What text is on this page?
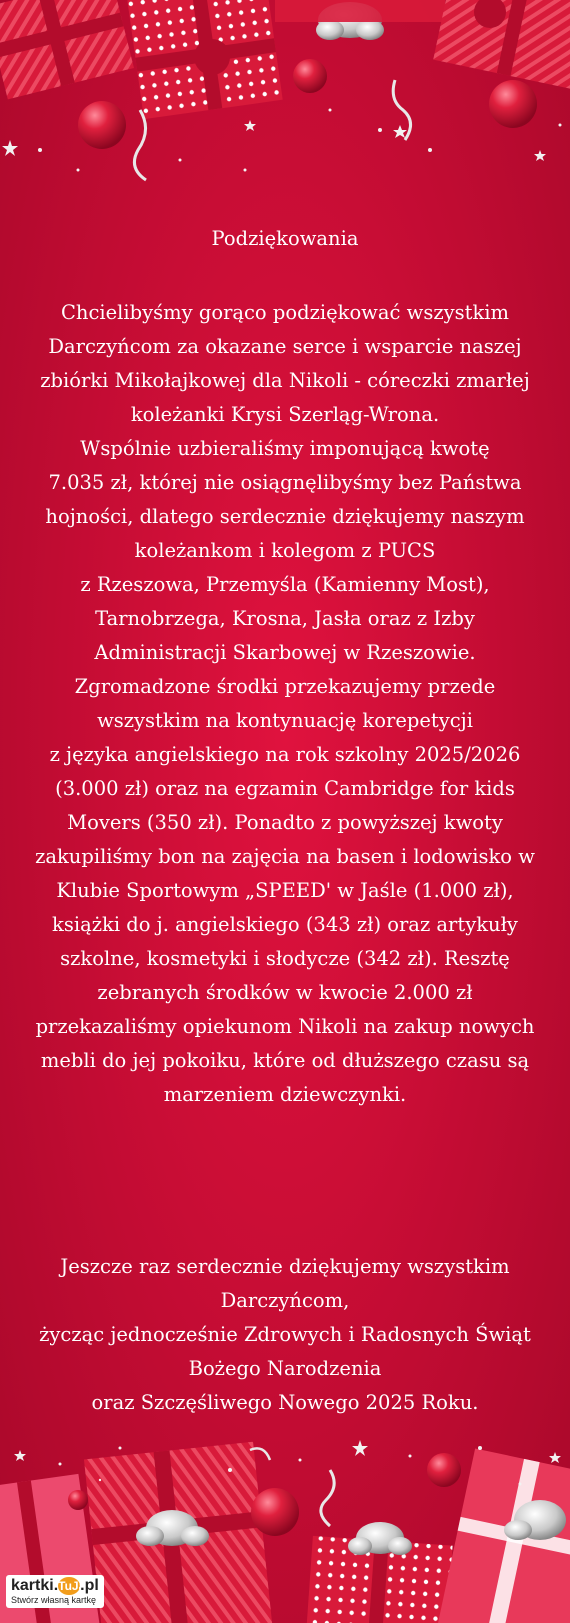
Podziękowania
Chcielibyśmy gorąco podziękować wszystkim
Darczyńcom za okazane serce i wsparcie naszej
zbiórki Mikołajkowej dla Nikoli - córeczki zmarłej
koleżanki Krysi Szerląg-Wrona.
Wspólnie uzbieraliśmy imponującą kwotę
7.035 zł, której nie osiągnęlibyśmy bez Państwa
hojności, dlatego serdecznie dziękujemy naszym
koleżankom i kolegom z PUCS
z Rzeszowa, Przemyśla (Kamienny Most),
Tarnobrzega, Krosna, Jasła oraz z Izby
Administracji Skarbowej w Rzeszowie.
Zgromadzone środki przekazujemy przede
wszystkim na kontynuację korepetycji
z języka angielskiego na rok szkolny 2025/2026
(3.000 zł) oraz na egzamin Cambridge for kids
Movers (350 zł). Ponadto z powyższej kwoty
zakupiliśmy bon na zajęcia na basen i lodowisko w
Klubie Sportowym „SPEED' w Jaśle (1.000 zł),
książki do j. angielskiego (343 zł) oraz artykuły
szkolne, kosmetyki i słodycze (342 zł). Resztę
zebranych środków w kwocie 2.000 zł
przekazaliśmy opiekunom Nikoli na zakup nowych
mebli do jej pokoiku, które od dłuższego czasu są
marzeniem dziewczynki.
Jeszcze raz serdecznie dziękujemy wszystkim
Darczyńcom,
życząc jednocześnie Zdrowych i Radosnych Świąt
Bożego Narodzenia
oraz Szczęśliwego Nowego 2025 Roku.
kartki.TuJa.pl
Stwórz własną kartkę
